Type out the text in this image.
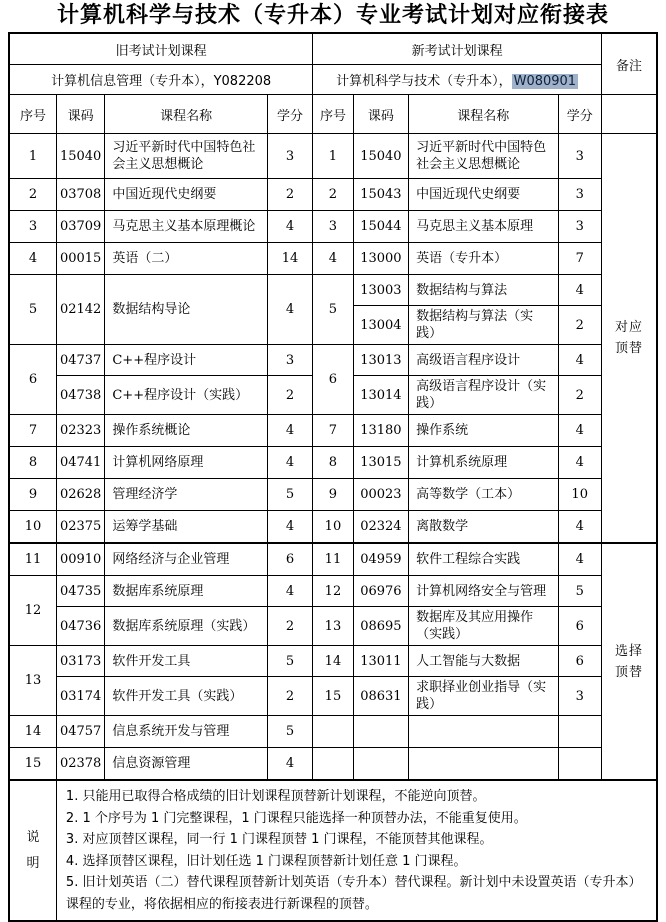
计算机科学与技术（专升本）专业考试计划对应衔接表
旧考试计划课程				新考试计划课程				备注
计算机信息管理（专升本），Y082208				计算机科学与技术（专升本）， W080901				
序号	课码	课程名称	学分	序号	课码	课程名称	学分	
1	15040	习近平新时代中国特色社会主义思想概论	3	1	15040	习近平新时代中国特色社会主义思想概论	3	对应顶替

2	03708	中国近现代史纲要	2	2	15043	中国近现代史纲要	3	
3	03709	马克思主义基本原理概论	4	3	15044	马克思主义基本原理	3	
4	00015	英语（二）	14	4	13000	英语（专升本）	7	
5	02142	数据结构导论	4	5	13003	数据结构与算法	4	
					13004	数据结构与算法（实践）	2	
6	04737	C++程序设计	3	6	13013	高级语言程序设计	4	
	04738	C++程序设计（实践）	2		13014	高级语言程序设计（实践）	2	
7	02323	操作系统概论	4	7	13180	操作系统	4	
8	04741	计算机网络原理	4	8	13015	计算机系统原理	4	
9	02628	管理经济学	5	9	00023	高等数学（工本）	10	
10	02375	运筹学基础	4	10	02324	离散数学	4	
11	00910	网络经济与企业管理	6	11	04959	软件工程综合实践	4	选择顶替

12	04735	数据库系统原理	4	12	06976	计算机网络安全与管理	5	
	04736	数据库系统原理（实践）	2	13	08695	数据库及其应用操作（实践）	6	
13	03173	软件开发工具	5	14	13011	人工智能与大数据	6	
	03174	软件开发工具（实践）	2	15	08631	求职择业创业指导（实践）	3	
14	04757	信息系统开发与管理	5					
15	02378	信息资源管理	4					

说明	1. 只能用已取得合格成绩的旧计划课程顶替新计划课程，不能逆向顶替。
2. 1 个序号为 1 门完整课程，1 门课程只能选择一种顶替办法，不能重复使用。
3. 对应顶替区课程，同一行 1 门课程顶替 1 门课程，不能顶替其他课程。
4. 选择顶替区课程，旧计划任选 1 门课程顶替新计划任意 1 门课程。
5. 旧计划英语（二）替代课程顶替新计划英语（专升本）替代课程。新计划中未设置英语（专升本）课程的专业，将依据相应的衔接表进行新课程的顶替。							
